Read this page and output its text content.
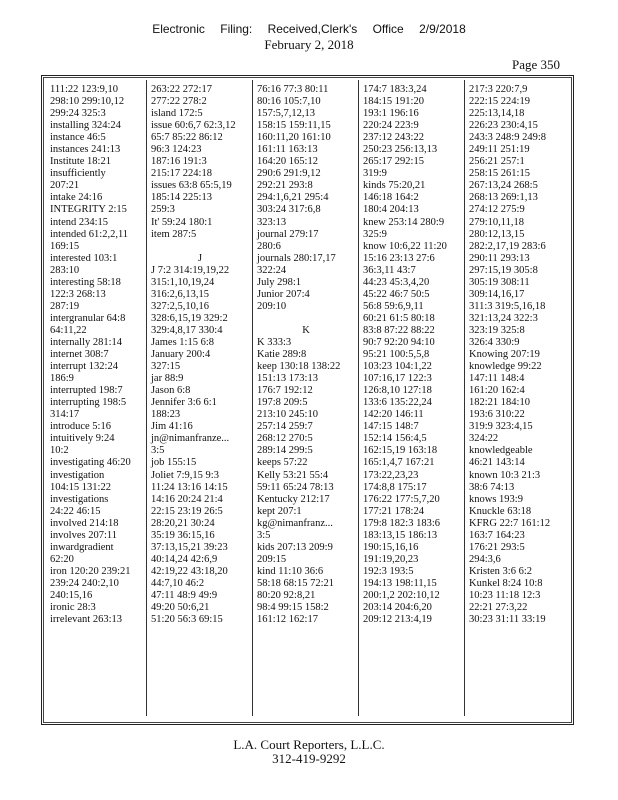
Electronic Filing: Received,Clerk's Office 2/9/2018
February 2, 2018
Page 350
111:22 123:9,10
298:10 299:10,12
299:24 325:3
installing 324:24
instance 46:5
instances 241:13
Institute 18:21
insufficiently
207:21
intake 24:16
INTEGRITY 2:15
intend 234:15
intended 61:2,2,11
169:15
interested 103:1
283:10
interesting 58:18
122:3 268:13
287:19
intergranular 64:8
64:11,22
internally 281:14
internet 308:7
interrupt 132:24
186:9
interrupted 198:7
interrupting 198:5
314:17
introduce 5:16
intuitively 9:24
10:2
investigating 46:20
investigation
104:15 131:22
investigations
24:22 46:15
involved 214:18
involves 207:11
inwardgradient
62:20
iron 120:20 239:21
239:24 240:2,10
240:15,16
ironic 28:3
irrelevant 263:13
263:22 272:17
277:22 278:2
island 172:5
issue 60:6,7 62:3,12
65:7 85:22 86:12
96:3 124:23
187:16 191:3
215:17 224:18
issues 63:8 65:5,19
185:14 225:13
259:3
It' 59:24 180:1
item 287:5

J
J 7:2 314:19,19,22
315:1,10,19,24
316:2,6,13,15
327:2,5,10,16
328:6,15,19 329:2
329:4,8,17 330:4
James 1:15 6:8
January 200:4
327:15
jar 88:9
Jason 6:8
Jennifer 3:6 6:1
188:23
Jim 41:16
jn@nimanfranze...
3:5
job 155:15
Joliet 7:9,15 9:3
11:24 13:16 14:15
14:16 20:24 21:4
22:15 23:19 26:5
28:20,21 30:24
35:19 36:15,16
37:13,15,21 39:23
40:14,24 42:6,9
42:19,22 43:18,20
44:7,10 46:2
47:11 48:9 49:9
49:20 50:6,21
51:20 56:3 69:15
76:16 77:3 80:11
80:16 105:7,10
157:5,7,12,13
158:15 159:11,15
160:11,20 161:10
161:11 163:13
164:20 165:12
290:6 291:9,12
292:21 293:8
294:1,6,21 295:4
303:24 317:6,8
323:13
journal 279:17
280:6
journals 280:17,17
322:24
July 298:1
Junior 207:4
209:10

K
K 333:3
Katie 289:8
keep 130:18 138:22
151:13 173:13
176:7 192:12
197:8 209:5
213:10 245:10
257:14 259:7
268:12 270:5
289:14 299:5
keeps 57:22
Kelly 53:21 55:4
59:11 65:24 78:13
Kentucky 212:17
kept 207:1
kg@nimanfranz...
3:5
kids 207:13 209:9
209:15
kind 11:10 36:6
58:18 68:15 72:21
80:20 92:8,21
98:4 99:15 158:2
161:12 162:17
174:7 183:3,24
184:15 191:20
193:1 196:16
220:24 223:9
237:12 243:22
250:23 256:13,13
265:17 292:15
319:9
kinds 75:20,21
146:18 164:2
180:4 204:13
knew 253:14 280:9
325:9
know 10:6,22 11:20
15:16 23:13 27:6
36:3,11 43:7
44:23 45:3,4,20
45:22 46:7 50:5
56:8 59:6,9,11
60:21 61:5 80:18
83:8 87:22 88:22
90:7 92:20 94:10
95:21 100:5,5,8
103:23 104:1,22
107:16,17 122:3
126:8,10 127:18
133:6 135:22,24
142:20 146:11
147:15 148:7
152:14 156:4,5
162:15,19 163:18
165:1,4,7 167:21
173:22,23,23
174:8,8 175:17
176:22 177:5,7,20
177:21 178:24
179:8 182:3 183:6
183:13,15 186:13
190:15,16,16
191:19,20,23
192:3 193:5
194:13 198:11,15
200:1,2 202:10,12
203:14 204:6,20
209:12 213:4,19
217:3 220:7,9
222:15 224:19
225:13,14,18
226:23 230:4,15
243:3 248:9 249:8
249:11 251:19
256:21 257:1
258:15 261:15
267:13,24 268:5
268:13 269:1,13
274:12 275:9
279:10,11,18
280:12,13,15
282:2,17,19 283:6
290:11 293:13
297:15,19 305:8
305:19 308:11
309:14,16,17
311:3 319:5,16,18
321:13,24 322:3
323:19 325:8
326:4 330:9
Knowing 207:19
knowledge 99:22
147:11 148:4
161:20 162:4
182:21 184:10
193:6 310:22
319:9 323:4,15
324:22
knowledgeable
46:21 143:14
known 10:3 21:3
38:6 74:13
knows 193:9
Knuckle 63:18
KFRG 22:7 161:12
163:7 164:23
176:21 293:5
294:3,6
Kristen 3:6 6:2
Kunkel 8:24 10:8
10:23 11:18 12:3
22:21 27:3,22
30:23 31:11 33:19
L.A. Court Reporters, L.L.C.
312-419-9292
